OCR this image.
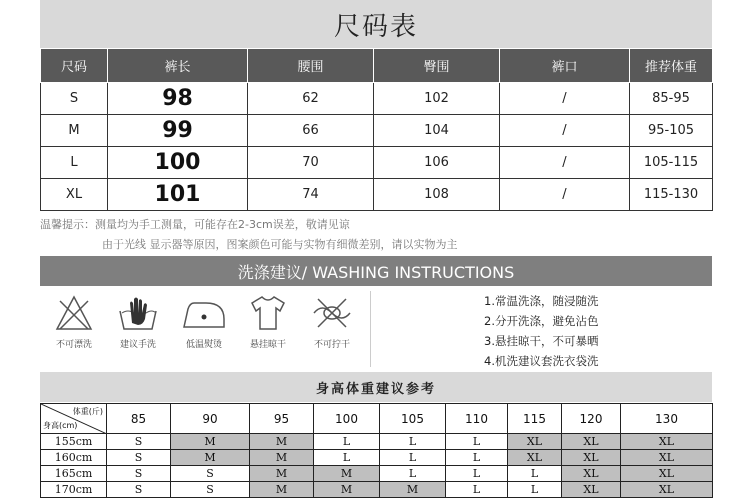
尺码表
尺码	裤长	腰围	臀围	裤口	推荐体重
S	98	62	102	/	85-95
M	99	66	104	/	95-105
L	100	70	106	/	105-115
XL	101	74	108	/	115-130
温馨提示：测量均为手工测量，可能存在2-3cm误差，敬请见谅
由于光线 显示器等原因，图案颜色可能与实物有细微差别，请以实物为主
洗涤建议/ WASHING INSTRUCTIONS
不可漂洗	建议手洗	低温熨烫	悬挂晾干	不可拧干
1.常温洗涤，随浸随洗
2.分开洗涤，避免沾色
3.悬挂晾干，不可暴晒
4.机洗建议套洗衣袋洗
身高体重建议参考
体重(斤)
身高(cm)	85	90	95	100	105	110	115	120	130
155cm	S	M	M	L	L	L	XL	XL	XL
160cm	S	M	M	L	L	L	XL	XL	XL
165cm	S	S	M	M	L	L	L	XL	XL
170cm	S	S	M	M	M	L	L	XL	XL
